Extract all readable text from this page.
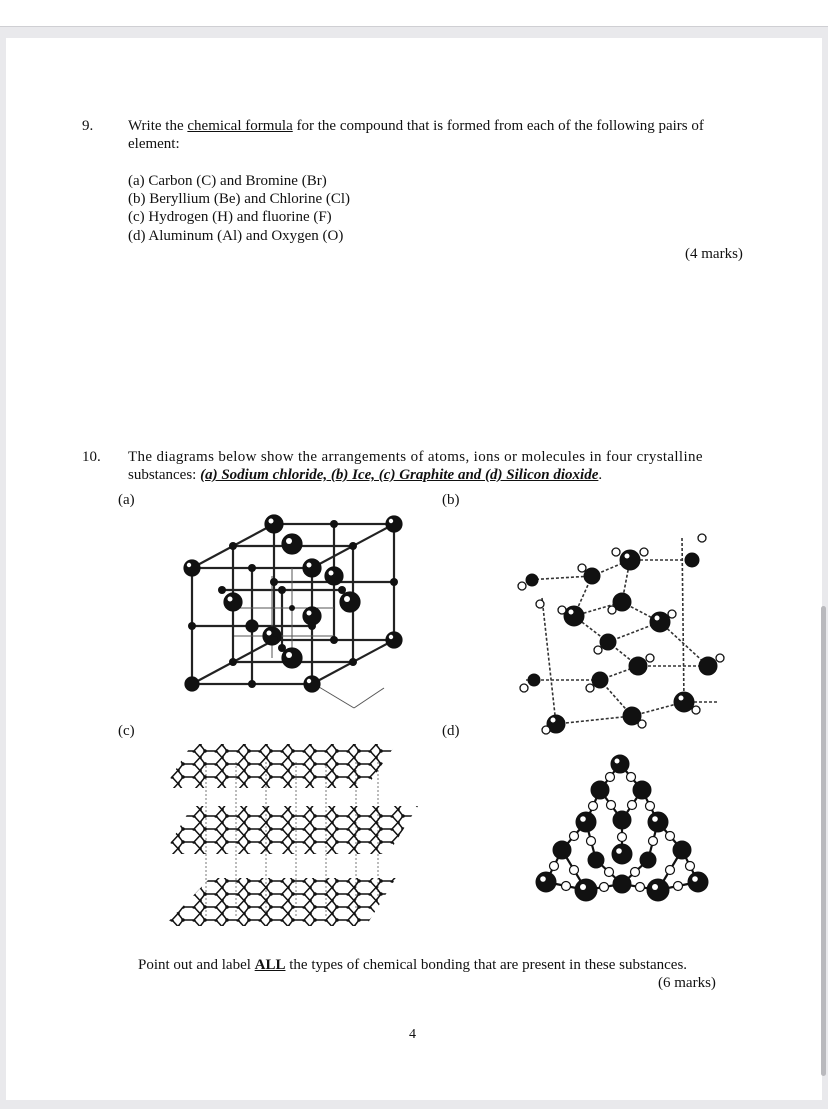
9. Write the chemical formula for the compound that is formed from each of the following pairs of
element:
(a) Carbon (C) and Bromine (Br)
(b) Beryllium (Be) and Chlorine (Cl)
(c) Hydrogen (H) and fluorine (F)
(d) Aluminum (Al) and Oxygen (O)
(4 marks)
10. The diagrams below show the arrangements of atoms, ions or molecules in four crystalline
substances: (a) Sodium chloride, (b) Ice, (c) Graphite and (d) Silicon dioxide.
(a)	(b)
(c)	(d)
Point out and label ALL the types of chemical bonding that are present in these substances.
(6 marks)
4
